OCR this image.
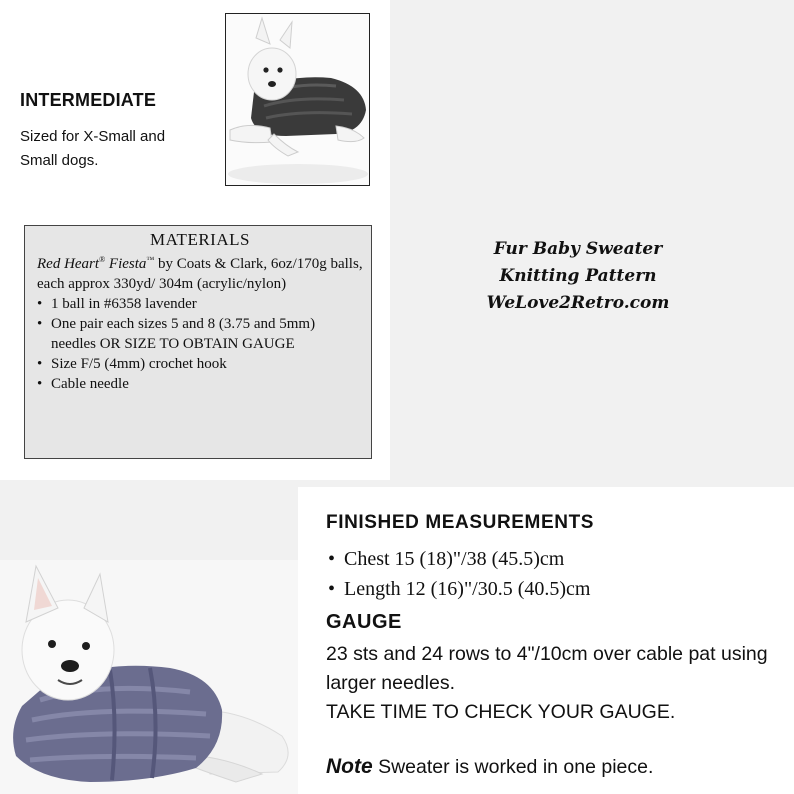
INTERMEDIATE
Sized for X-Small and
Small dogs.
MATERIALS
Red Heart® Fiesta™ by Coats & Clark, 6oz/170g balls, each approx 330yd/ 304m (acrylic/nylon)
• 1 ball in #6358 lavender
• One pair each sizes 5 and 8 (3.75 and 5mm) needles OR SIZE TO OBTAIN GAUGE
• Size F/5 (4mm) crochet hook
• Cable needle
Fur Baby Sweater
Knitting Pattern
WeLove2Retro.com
FINISHED MEASUREMENTS
• Chest 15 (18)"/38 (45.5)cm
• Length 12 (16)"/30.5 (40.5)cm
GAUGE
23 sts and 24 rows to 4"/10cm over cable pat using larger needles.
TAKE TIME TO CHECK YOUR GAUGE.
Note Sweater is worked in one piece.
